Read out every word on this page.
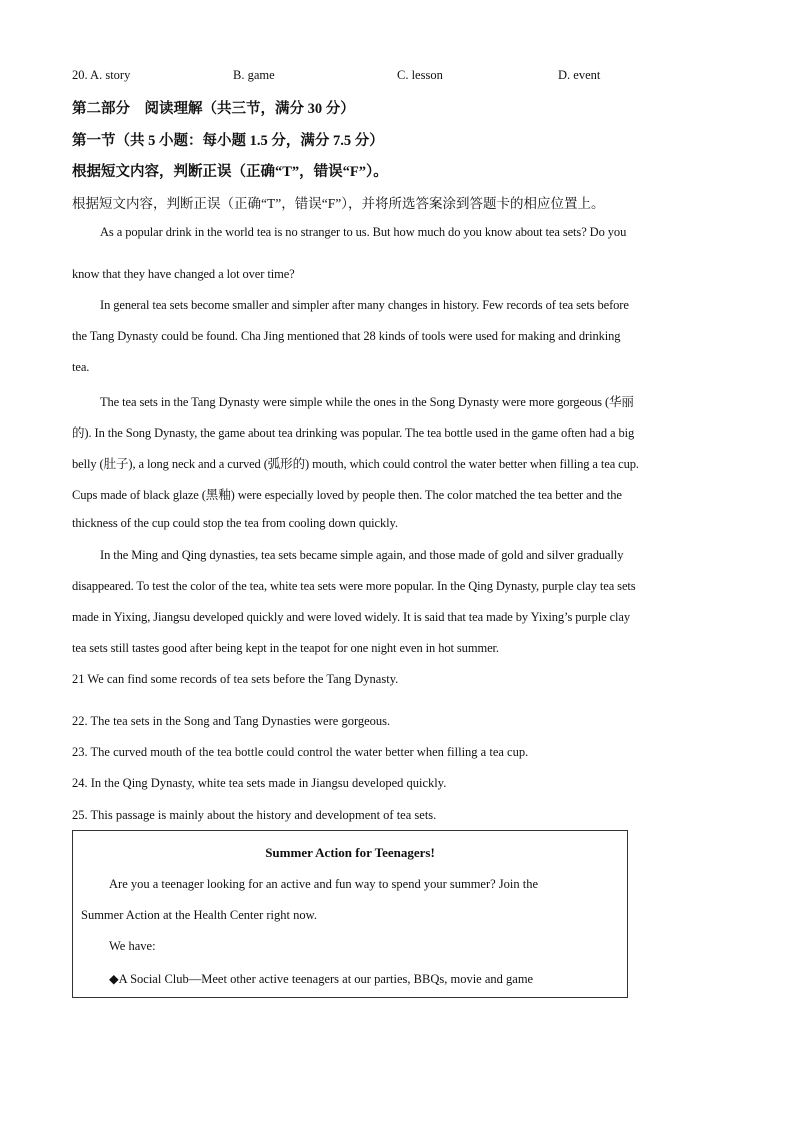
20. A. story	B. game	C. lesson	D. event
第二部分　阅读理解（共三节，满分 30 分）
第一节（共 5 小题：每小题 1.5 分，满分 7.5 分）
根据短文内容，判断正误（正确“T”，错误“F”）。
根据短文内容，判断正误（正确“T”，错误“F”），并将所选答案涂到答题卡的相应位置上。
As a popular drink in the world tea is no stranger to us. But how much do you know about tea sets? Do you
know that they have changed a lot over time?
In general tea sets become smaller and simpler after many changes in history. Few records of tea sets before
the Tang Dynasty could be found. Cha Jing mentioned that 28 kinds of tools were used for making and drinking
tea.
The tea sets in the Tang Dynasty were simple while the ones in the Song Dynasty were more gorgeous (华丽
的). In the Song Dynasty, the game about tea drinking was popular. The tea bottle used in the game often had a big
belly (肚子), a long neck and a curved (弧形的) mouth, which could control the water better when filling a tea cup.
Cups made of black glaze (黑釉) were especially loved by people then. The color matched the tea better and the
thickness of the cup could stop the tea from cooling down quickly.
In the Ming and Qing dynasties, tea sets became simple again, and those made of gold and silver gradually
disappeared. To test the color of the tea, white tea sets were more popular. In the Qing Dynasty, purple clay tea sets
made in Yixing, Jiangsu developed quickly and were loved widely. It is said that tea made by Yixing’s purple clay
tea sets still tastes good after being kept in the teapot for one night even in hot summer.
21 We can find some records of tea sets before the Tang Dynasty.
22. The tea sets in the Song and Tang Dynasties were gorgeous.
23. The curved mouth of the tea bottle could control the water better when filling a tea cup.
24. In the Qing Dynasty, white tea sets made in Jiangsu developed quickly.
25. This passage is mainly about the history and development of tea sets.
Summer Action for Teenagers!
Are you a teenager looking for an active and fun way to spend your summer? Join the
Summer Action at the Health Center right now.
We have:
◆A Social Club—Meet other active teenagers at our parties, BBQs, movie and game
